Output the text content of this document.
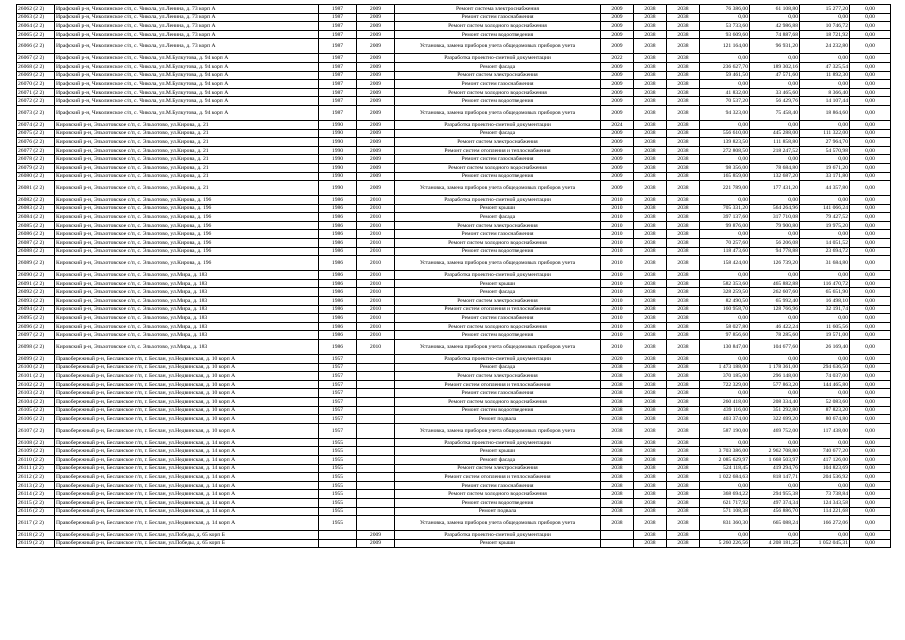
26062 (2 2)	Ирафский р-н, Чиколинское с/п, с. Чикола, ул.Ленина, д. 73 корп А	1987	2009	Ремонт система электроснабжения	2009	2038	2038	76 386,00	61 108,80	15 277,20	0,00
26063 (2 2)	Ирафский р-н, Чиколинское с/п, с. Чикола, ул.Ленина, д. 73 корп А	1987	2009	Ремонт систем газоснабжения	2009	2038	2038	0,00	0,00	0,00	0,00
26064 (2 2)	Ирафский р-н, Чиколинское с/п, с. Чикола, ул.Ленина, д. 73 корп А	1987	2009	Ремонт систем холодного водоснабжения	2009	2038	2038	53 733,60	42 986,88	10 746,72	0,00
26065 (2 2)	Ирафский р-н, Чиколинское с/п, с. Чикола, ул.Ленина, д. 73 корп А	1987	2009	Ремонт систем водоотведения	2009	2038	2038	93 609,60	74 887,68	18 721,92	0,00
26066 (2 2)	Ирафский р-н, Чиколинское с/п, с. Чикола, ул.Ленина, д. 73 корп А	1987	2009	Установка, замена приборов учета общедомовых приборов учета	2009	2038	2038	121 164,00	96 931,20	24 232,80	0,00
26067 (2 2)	Ирафский р-н, Чиколинское с/п, с. Чикола, ул.М.Булкутова, д. 94 корп А	1987	2009	Разработка проектно-сметной документации	2022	2038	2038	0,00	0,00	0,00	0,00
26068 (2 2)	Ирафский р-н, Чиколинское с/п, с. Чикола, ул.М.Булкутова, д. 94 корп А	1987	2009	Ремонт фасада	2009	2038	2038	236 627,70	189 302,16	47 325,54	0,00
26069 (2 2)	Ирафский р-н, Чиколинское с/п, с. Чикола, ул.М.Булкутова, д. 94 корп А	1987	2009	Ремонт систем электроснабжения	2009	2038	2038	59 461,50	47 571,60	11 892,30	0,00
26070 (2 2)	Ирафский р-н, Чиколинское с/п, с. Чикола, ул.М.Булкутова, д. 94 корп А	1987	2009	Ремонт систем газоснабжения	2009	2038	2038	0,00	0,00	0,00	0,00
26071 (2 2)	Ирафский р-н, Чиколинское с/п, с. Чикола, ул.М.Булкутова, д. 94 корп А	1987	2009	Ремонт систем холодного водоснабжения	2009	2038	2038	41 832,00	33 465,60	8 366,40	0,00
26072 (2 2)	Ирафский р-н, Чиколинское с/п, с. Чикола, ул.М.Булкутова, д. 94 корп А	1987	2009	Ремонт систем водоотведения	2009	2038	2038	70 537,20	56 429,76	14 107,44	0,00
26073 (2 2)	Ирафский р-н, Чиколинское с/п, с. Чикола, ул.М.Булкутова, д. 94 корп А	1987	2009	Установка, замена приборов учета общедомовых приборов учета	2009	2038	2038	94 323,00	75 458,40	18 864,60	0,00
26074 (2 2)	Кировский р-н, Эльхотовское с/п, с. Эльхотово, ул.Кирова, д. 21	1990	2009	Разработка проектно-сметной документации	2024	2038	2038	0,00	0,00	0,00	0,00
26075 (2 2)	Кировский р-н, Эльхотовское с/п, с. Эльхотово, ул.Кирова, д. 21	1990	2009	Ремонт фасада	2009	2038	2038	556 610,00	445 288,00	111 322,00	0,00
26076 (2 2)	Кировский р-н, Эльхотовское с/п, с. Эльхотово, ул.Кирова, д. 21	1990	2009	Ремонт систем электроснабжения	2009	2038	2038	139 823,50	111 858,80	27 964,70	0,00
26077 (2 2)	Кировский р-н, Эльхотовское с/п, с. Эльхотово, ул.Кирова, д. 21	1990	2009	Ремонт систем отопления и теплоснабжения	2009	2038	2038	272 808,50	218 247,52	54 570,98	0,00
26078 (2 2)	Кировский р-н, Эльхотовское с/п, с. Эльхотово, ул.Кирова, д. 21	1990	2009	Ремонт систем газоснабжения	2009	2038	2038	0,00	0,00	0,00	0,00
26079 (2 2)	Кировский р-н, Эльхотовское с/п, с. Эльхотово, ул.Кирова, д. 21	1990	2009	Ремонт систем холодного водоснабжения	2009	2038	2038	98 356,00	78 684,80	19 671,20	0,00
26080 (2 2)	Кировский р-н, Эльхотовское с/п, с. Эльхотово, ул.Кирова, д. 21	1990	2009	Ремонт систем водоотведения	2009	2038	2038	165 859,00	132 687,20	33 171,80	0,00
26081 (2 2)	Кировский р-н, Эльхотовское с/п, с. Эльхотово, ул.Кирова, д. 21	1990	2009	Установка, замена приборов учета общедомовых приборов учета	2009	2038	2038	221 789,00	177 431,20	44 357,80	0,00
26082 (2 2)	Кировский р-н, Эльхотовское с/п, с. Эльхотово, ул.Кирова, д. 196	1986	2010	Разработка проектно-сметной документации	2010	2038	2038	0,00	0,00	0,00	0,00
26083 (2 2)	Кировский р-н, Эльхотовское с/п, с. Эльхотово, ул.Кирова, д. 196	1986	2010	Ремонт крыши	2010	2038	2038	705 331,20	564 264,96	141 066,24	0,00
26084 (2 2)	Кировский р-н, Эльхотовское с/п, с. Эльхотово, ул.Кирова, д. 196	1986	2010	Ремонт фасада	2010	2038	2038	397 137,60	317 710,08	79 427,52	0,00
26085 (2 2)	Кировский р-н, Эльхотовское с/п, с. Эльхотово, ул.Кирова, д. 196	1986	2010	Ремонт систем электроснабжения	2010	2038	2038	99 876,00	79 900,80	19 975,20	0,00
26086 (2 2)	Кировский р-н, Эльхотовское с/п, с. Эльхотово, ул.Кирова, д. 196	1986	2010	Ремонт систем газоснабжения	2010	2038	2038	0,00	0,00	0,00	0,00
26087 (2 2)	Кировский р-н, Эльхотовское с/п, с. Эльхотово, ул.Кирова, д. 196	1986	2010	Ремонт систем холодного водоснабжения	2010	2038	2038	70 257,60	56 206,08	14 051,52	0,00
26088 (2 2)	Кировский р-н, Эльхотовское с/п, с. Эльхотово, ул.Кирова, д. 196	1986	2010	Ремонт систем водоотведения	2010	2038	2038	118 473,60	94 778,88	23 694,72	0,00
26089 (2 2)	Кировский р-н, Эльхотовское с/п, с. Эльхотово, ул.Кирова, д. 196	1986	2010	Установка, замена приборов учета общедомовых приборов учета	2010	2038	2038	158 424,00	126 739,20	31 684,80	0,00
26090 (2 2)	Кировский р-н, Эльхотовское с/п, с. Эльхотово, ул.Мира, д. 183	1986	2010	Разработка проектно-сметной документации	2010	2038	2038	0,00	0,00	0,00	0,00
26091 (2 2)	Кировский р-н, Эльхотовское с/п, с. Эльхотово, ул.Мира, д. 183	1986	2010	Ремонт крыши	2010	2038	2038	582 353,60	465 882,88	116 470,72	0,00
26092 (2 2)	Кировский р-н, Эльхотовское с/п, с. Эльхотово, ул.Мира, д. 183	1986	2010	Ремонт фасада	2010	2038	2038	328 259,50	262 607,60	65 651,90	0,00
26093 (2 2)	Кировский р-н, Эльхотовское с/п, с. Эльхотово, ул.Мира, д. 183	1986	2010	Ремонт систем электроснабжения	2010	2038	2038	82 490,50	65 992,40	16 498,10	0,00
26094 (2 2)	Кировский р-н, Эльхотовское с/п, с. Эльхотово, ул.Мира, д. 183	1986	2010	Ремонт систем отопления и теплоснабжения	2010	2038	2038	160 958,70	128 766,96	32 191,74	0,00
26095 (2 2)	Кировский р-н, Эльхотовское с/п, с. Эльхотово, ул.Мира, д. 183	1986	2010	Ремонт систем газоснабжения	2010	2038	2038	0,00	0,00	0,00	0,00
26096 (2 2)	Кировский р-н, Эльхотовское с/п, с. Эльхотово, ул.Мира, д. 183	1986	2010	Ремонт систем холодного водоснабжения	2010	2038	2038	58 027,80	46 422,24	11 605,56	0,00
26097 (2 2)	Кировский р-н, Эльхотовское с/п, с. Эльхотово, ул.Мира, д. 183	1986	2010	Ремонт систем водоотведения	2010	2038	2038	97 856,60	78 285,60	19 571,00	0,00
26098 (2 2)	Кировский р-н, Эльхотовское с/п, с. Эльхотово, ул.Мира, д. 183	1986	2010	Установка, замена приборов учета общедомовых приборов учета	2010	2038	2038	130 847,00	104 677,60	26 169,40	0,00
26099 (2 2)	Правобережный р-н, Бесланское г/п, г. Беслан, ул.Недвинская, д. 10 корп А	1957		Разработка проектно-сметной документации	2020	2038	2038	0,00	0,00	0,00	0,00
26100 (2 2)	Правобережный р-н, Бесланское г/п, г. Беслан, ул.Недвинская, д. 10 корп А	1957		Ремонт фасада	2038	2038	2038	1 473 188,00	1 178 361,00	294 636,50	0,00
26101 (2 2)	Правобережный р-н, Бесланское г/п, г. Беслан, ул.Недвинская, д. 10 корп А	1957		Ремонт систем электроснабжения	2038	2038	2038	370 185,00	296 148,00	74 037,00	0,00
26102 (2 2)	Правобережный р-н, Бесланское г/п, г. Беслан, ул.Недвинская, д. 10 корп А	1957		Ремонт систем отопления и теплоснабжения	2038	2038	2038	722 329,00	577 863,20	144 465,80	0,00
26103 (2 2)	Правобережный р-н, Бесланское г/п, г. Беслан, ул.Недвинская, д. 10 корп А	1957		Ремонт систем газоснабжения	2038	2038	2038	0,00	0,00	0,00	0,00
26104 (2 2)	Правобережный р-н, Бесланское г/п, г. Беслан, ул.Недвинская, д. 10 корп А	1957		Ремонт систем холодного водоснабжения	2038	2038	2038	260 418,00	208 334,40	52 083,60	0,00
26105 (2 2)	Правобережный р-н, Бесланское г/п, г. Беслан, ул.Недвинская, д. 10 корп А	1957		Ремонт систем водоотведения	2038	2038	2038	439 116,00	351 292,80	87 823,20	0,00
26106 (2 2)	Правобережный р-н, Бесланское г/п, г. Беслан, ул.Недвинская, д. 10 корп А	1957		Ремонт подвала	2038	2038	2038	403 374,00	322 699,20	80 674,80	0,00
26107 (2 2)	Правобережный р-н, Бесланское г/п, г. Беслан, ул.Недвинская, д. 10 корп А	1957		Установка, замена приборов учета общедомовых приборов учета	2038	2038	2038	587 190,00	469 752,00	117 438,00	0,00
26108 (2 2)	Правобережный р-н, Бесланское г/п, г. Беслан, ул.Недвинская, д. 14 корп А	1955		Разработка проектно-сметной документации	2038	2038	2038	0,00	0,00	0,00	0,00
26109 (2 2)	Правобережный р-н, Бесланское г/п, г. Беслан, ул.Недвинская, д. 14 корп А	1955		Ремонт крыши	2038	2038	2038	3 703 386,00	2 962 708,80	740 677,20	0,00
26110 (2 2)	Правобережный р-н, Бесланское г/п, г. Беслан, ул.Недвинская, д. 14 корп А	1955		Ремонт фасада	2038	2038	2038	2 085 629,97	1 668 503,97	417 126,00	0,00
26111 (2 2)	Правобережный р-н, Бесланское г/п, г. Беслан, ул.Недвинская, д. 14 корп А	1955		Ремонт систем электроснабжения	2038	2038	2038	524 118,45	419 294,76	104 823,69	0,00
26112 (2 2)	Правобережный р-н, Бесланское г/п, г. Беслан, ул.Недвинская, д. 14 корп А	1955		Ремонт систем отопления и теплоснабжения	2038	2038	2038	1 022 684,63	818 147,71	204 536,92	0,00
26113 (2 2)	Правобережный р-н, Бесланское г/п, г. Беслан, ул.Недвинская, д. 14 корп А	1955		Ремонт систем газоснабжения	2038	2038	2038	0,00	0,00	0,00	0,00
26114 (2 2)	Правобережный р-н, Бесланское г/п, г. Беслан, ул.Недвинская, д. 14 корп А	1955		Ремонт систем холодного водоснабжения	2038	2038	2038	368 694,22	294 955,38	73 738,84	0,00
26115 (2 2)	Правобережный р-н, Бесланское г/п, г. Беслан, ул.Недвинская, д. 14 корп А	1955		Ремонт систем водоотведения	2038	2038	2038	621 717,92	497 374,34	124 343,58	0,00
26116 (2 2)	Правобережный р-н, Бесланское г/п, г. Беслан, ул.Недвинская, д. 14 корп А	1955		Ремонт подвала	2038	2038	2038	571 108,38	456 886,70	114 221,68	0,00
26117 (2 2)	Правобережный р-н, Бесланское г/п, г. Беслан, ул.Недвинская, д. 14 корп А	1955		Установка, замена приборов учета общедомовых приборов учета	2038	2038	2038	831 360,30	665 088,24	166 272,06	0,00
26118 (2 2)	Правобережный р-н, Бесланское г/п, г. Беслан, ул.Победы, д. 65 корп Б		2009	Разработка проектно-сметной документации		2038	2038	0,00	0,00	0,00	0,00
26119 (2 2)	Правобережный р-н, Бесланское г/п, г. Беслан, ул.Победы, д. 65 корп Б		2009	Ремонт крыши		2038	2038	5 260 226,56	4 208 181,25	1 052 045,31	0,00
